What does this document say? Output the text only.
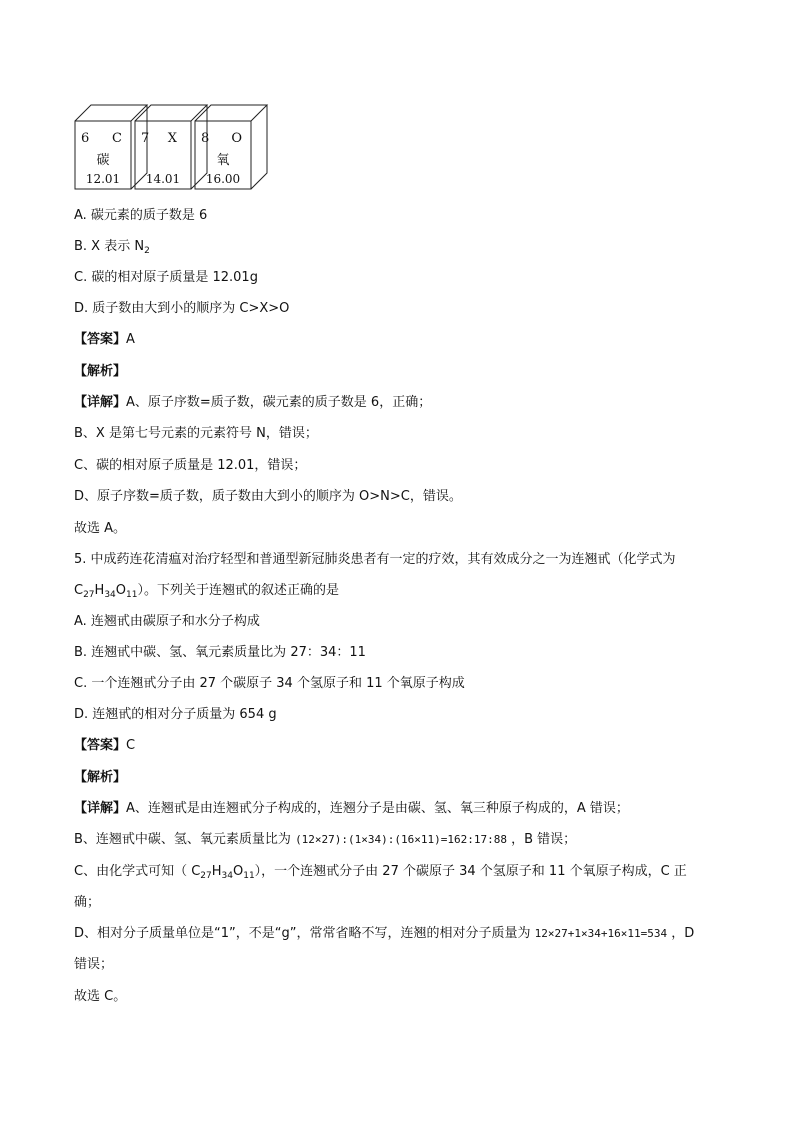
6 C
碳
12.01
7 X
14.01
8 O
氧
16.00
A. 碳元素的质子数是 6
B. X 表示 $N_2$
C. 碳的相对原子质量是 12.01g
D. 质子数由大到小的顺序为 C>X>O
【答案】A
【解析】
【详解】A、原子序数=质子数，碳元素的质子数是 6，正确；
B、X 是第七号元素的元素符号 N，错误；
C、碳的相对原子质量是 12.01，错误；
D、原子序数=质子数，质子数由大到小的顺序为 O>N>C，错误。
故选 A。
5. 中成药连花清瘟对治疗轻型和普通型新冠肺炎患者有一定的疗效，其有效成分之一为连翘甙（化学式为
$C_{27}H_{34}O_{11}$）。下列关于连翘甙的叙述正确的是
A. 连翘甙由碳原子和水分子构成
B. 连翘甙中碳、氢、氧元素质量比为 27：34：11
C. 一个连翘甙分子由 27 个碳原子 34 个氢原子和 11 个氧原子构成
D. 连翘甙的相对分子质量为 654 g
【答案】C
【解析】
【详解】A、连翘甙是由连翘甙分子构成的，连翘分子是由碳、氢、氧三种原子构成的，A 错误；
B、连翘甙中碳、氢、氧元素质量比为 (12×27):(1×34):(16×11)=162:17:88 ，B 错误；
C、由化学式可知（ $C_{27}H_{34}O_{11}$），一个连翘甙分子由 27 个碳原子 34 个氢原子和 11 个氧原子构成，C 正
确；
D、相对分子质量单位是“1”，不是“g”，常常省略不写，连翘的相对分子质量为 12×27+1×34+16×11=534 ，D
错误；
故选 C。
